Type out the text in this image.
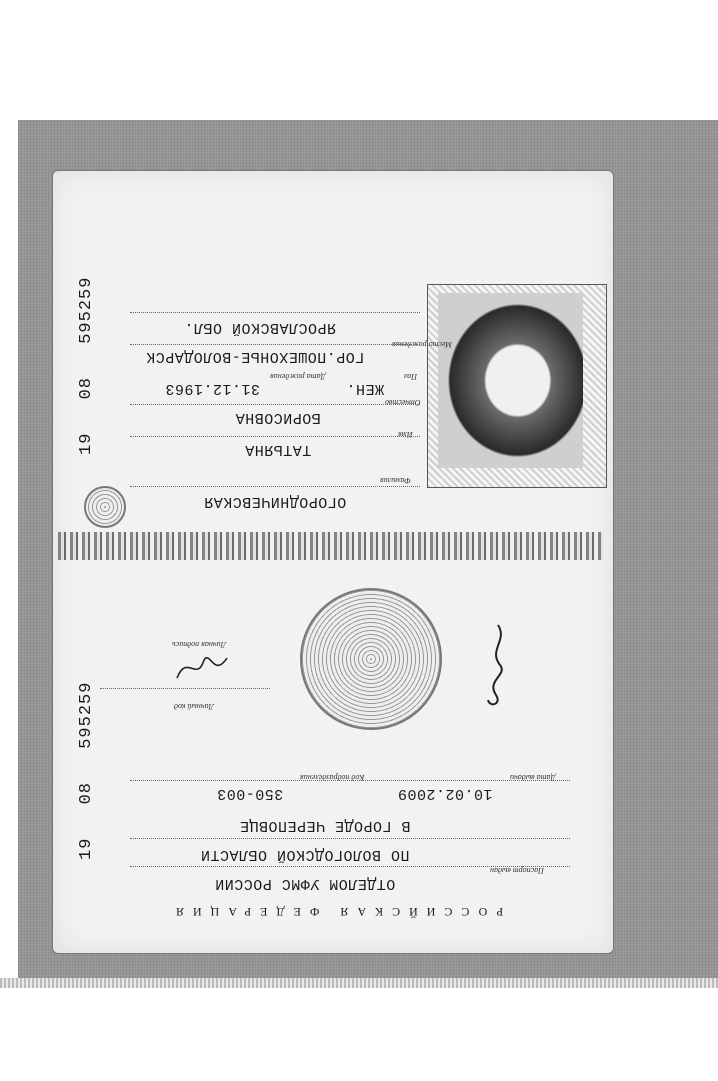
19 08 595259
ОГОРОДНИЧЕВСКАЯ
Фамилия
ТАТЬЯНА
Имя
БОРИСОВНА
Отчество
31.12.1963
Дата рождения
ЖЕН.
Пол
ГОР.ПОШЕХОНЬЕ-ВОЛОДАРСК
Место рождения
ЯРОСЛАВСКОЙ ОБЛ.
19 08 595259
Личная подпись
Личный код
10.02.2009
Дата выдачи
350-003
Код подразделения
В ГОРОДЕ ЧЕРЕПОВЦЕ
ПО ВОЛОГОДСКОЙ ОБЛАСТИ
ОТДЕЛОМ УФМС РОССИИ
Паспорт выдан
РОССИЙСКАЯ ФЕДЕРАЦИЯ
